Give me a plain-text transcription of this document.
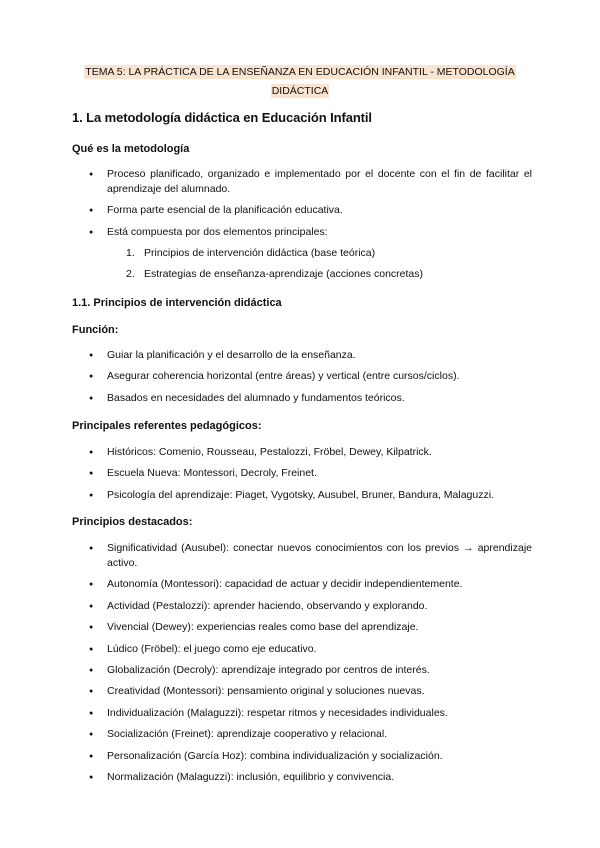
TEMA 5: LA PRÁCTICA DE LA ENSEÑANZA EN EDUCACIÓN INFANTIL - METODOLOGÍA
DIDÁCTICA
1. La metodología didáctica en Educación Infantil
Qué es la metodología
● Proceso planificado, organizado e implementado por el docente con el fin de facilitar el aprendizaje del alumnado.
● Forma parte esencial de la planificación educativa.
● Está compuesta por dos elementos principales:
1. Principios de intervención didáctica (base teórica)
2. Estrategias de enseñanza-aprendizaje (acciones concretas)
1.1. Principios de intervención didáctica
Función:
● Guiar la planificación y el desarrollo de la enseñanza.
● Asegurar coherencia horizontal (entre áreas) y vertical (entre cursos/ciclos).
● Basados en necesidades del alumnado y fundamentos teóricos.
Principales referentes pedagógicos:
● Históricos: Comenio, Rousseau, Pestalozzi, Fröbel, Dewey, Kilpatrick.
● Escuela Nueva: Montessori, Decroly, Freinet.
● Psicología del aprendizaje: Piaget, Vygotsky, Ausubel, Bruner, Bandura, Malaguzzi.
Principios destacados:
● Significatividad (Ausubel): conectar nuevos conocimientos con los previos → aprendizaje activo.
● Autonomía (Montessori): capacidad de actuar y decidir independientemente.
● Actividad (Pestalozzi): aprender haciendo, observando y explorando.
● Vivencial (Dewey): experiencias reales como base del aprendizaje.
● Lúdico (Fröbel): el juego como eje educativo.
● Globalización (Decroly): aprendizaje integrado por centros de interés.
● Creatividad (Montessori): pensamiento original y soluciones nuevas.
● Individualización (Malaguzzi): respetar ritmos y necesidades individuales.
● Socialización (Freinet): aprendizaje cooperativo y relacional.
● Personalización (García Hoz): combina individualización y socialización.
● Normalización (Malaguzzi): inclusión, equilibrio y convivencia.
